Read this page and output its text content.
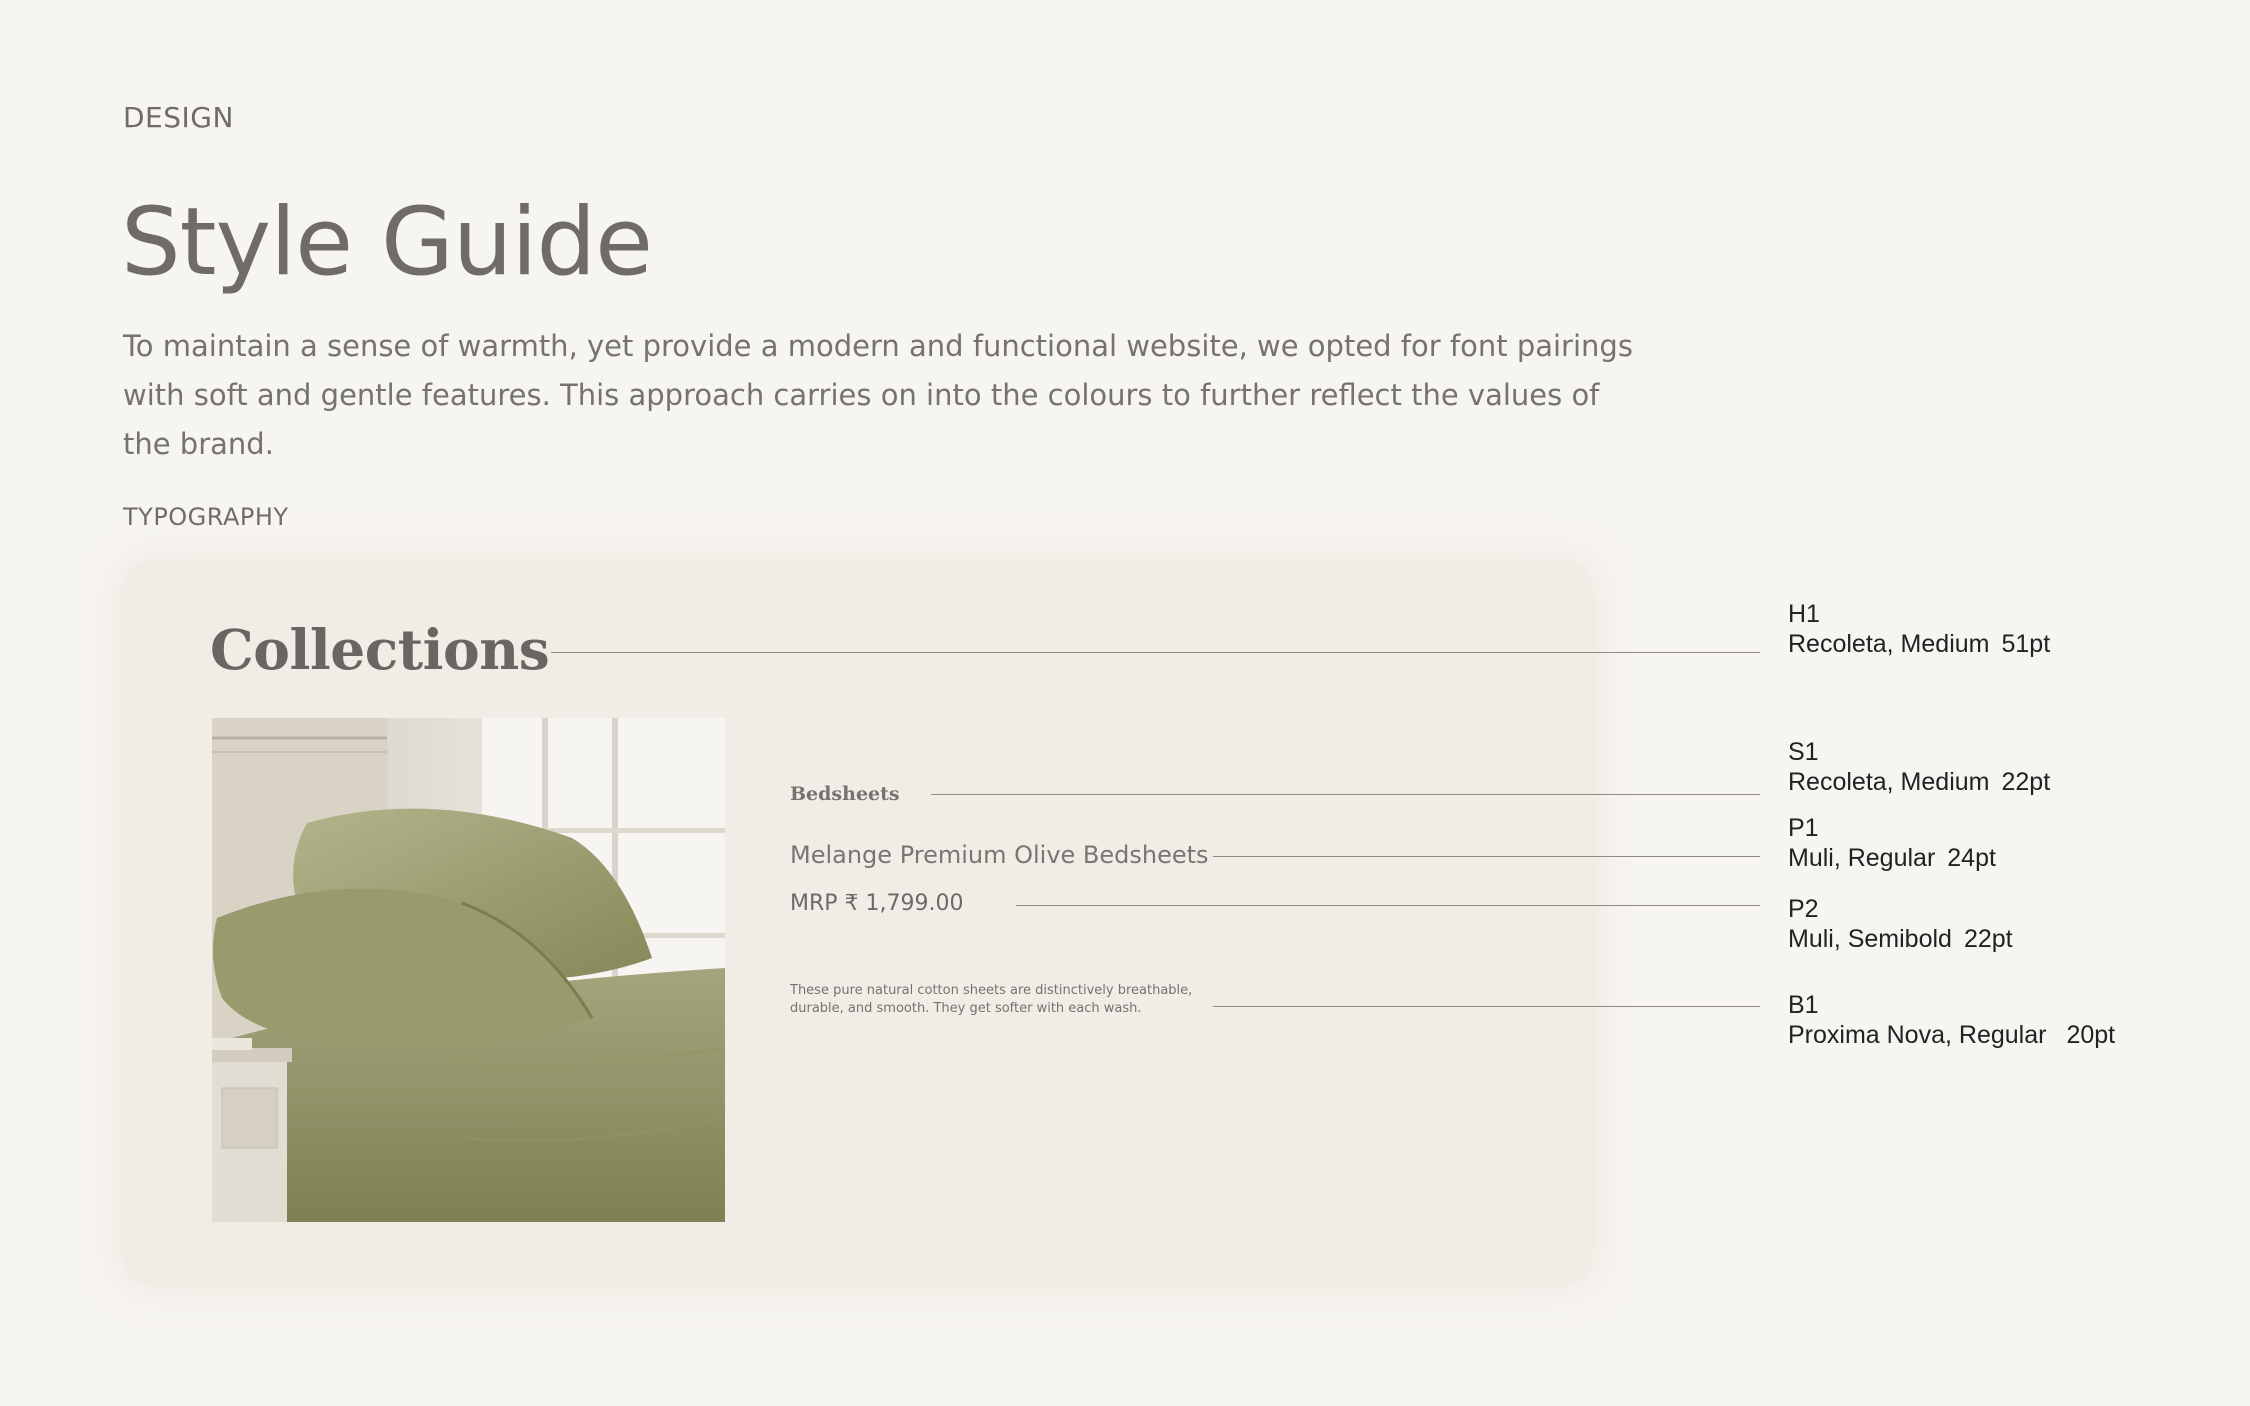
DESIGN
Style Guide
To maintain a sense of warmth, yet provide a modern and functional website, we opted for font pairings with soft and gentle features. This approach carries on into the colours to further reflect the values of the brand.
TYPOGRAPHY
Collections
Bedsheets
Melange Premium Olive Bedsheets
MRP ₹ 1,799.00
These pure natural cotton sheets are distinctively breathable,
durable, and smooth. They get softer with each wash.
H1
Recoleta, Medium 51pt
S1
Recoleta, Medium 22pt
P1
Muli, Regular 24pt
P2
Muli, Semibold 22pt
B1
Proxima Nova, Regular 20pt
